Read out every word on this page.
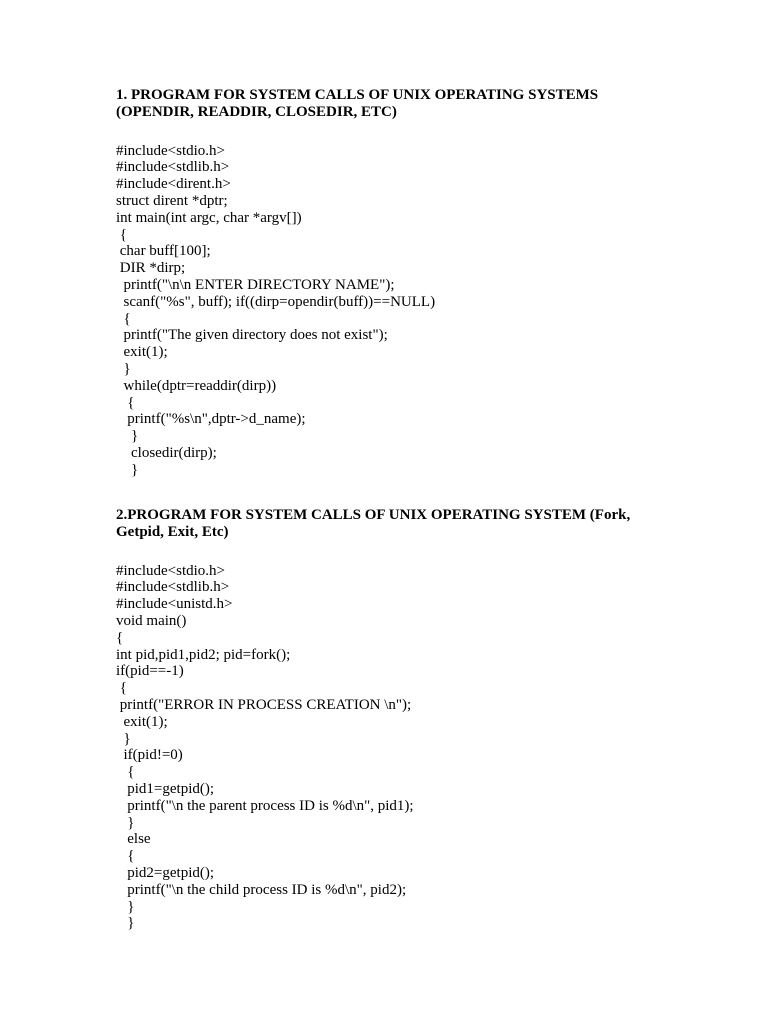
1. PROGRAM FOR SYSTEM CALLS OF UNIX OPERATING SYSTEMS
(OPENDIR, READDIR, CLOSEDIR, ETC)
#include<stdio.h>
#include<stdlib.h>
#include<dirent.h>
struct dirent *dptr;
int main(int argc, char *argv[])
{
char buff[100];
DIR *dirp;
printf("\n\n ENTER DIRECTORY NAME");
scanf("%s", buff); if((dirp=opendir(buff))==NULL)
{
printf("The given directory does not exist");
exit(1);
}
while(dptr=readdir(dirp))
{
printf("%s\n",dptr->d_name);
}
closedir(dirp);
}
2.PROGRAM FOR SYSTEM CALLS OF UNIX OPERATING SYSTEM (Fork,
Getpid, Exit, Etc)
#include<stdio.h>
#include<stdlib.h>
#include<unistd.h>
void main()
{
int pid,pid1,pid2; pid=fork();
if(pid==-1)
{
printf("ERROR IN PROCESS CREATION \n");
exit(1);
}
if(pid!=0)
{
pid1=getpid();
printf("\n the parent process ID is %d\n", pid1);
}
else
{
pid2=getpid();
printf("\n the child process ID is %d\n", pid2);
}
}
